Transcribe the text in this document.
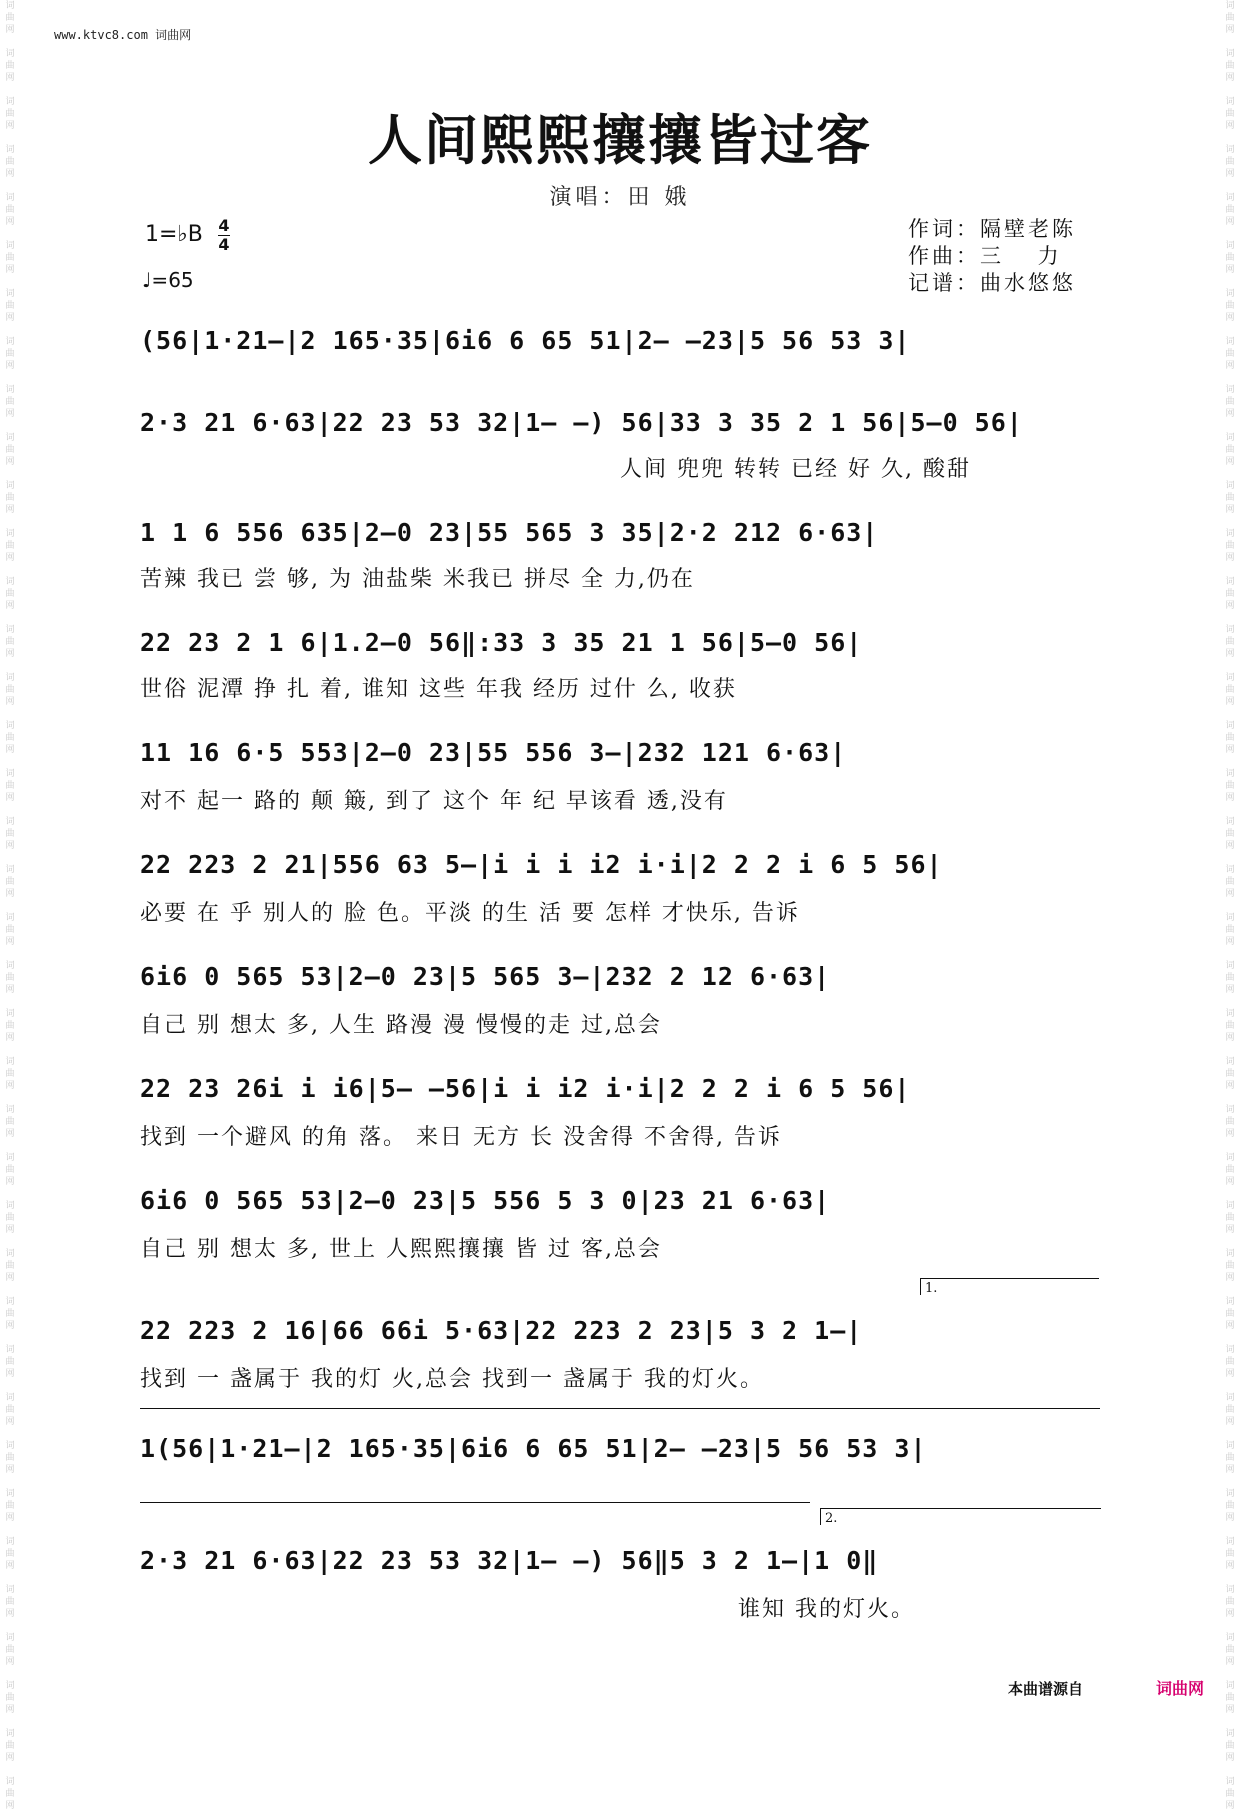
词
曲
网

词
曲
网

词
曲
网

词
曲
网

词
曲
网

词
曲
网

词
曲
网

词
曲
网

词
曲
网

词
曲
网

词
曲
网

词
曲
网

词
曲
网

词
曲
网

词
曲
网

词
曲
网

词
曲
网

词
曲
网

词
曲
网

词
曲
网

词
曲
网

词
曲
网

词
曲
网

词
曲
网

词
曲
网

词
曲
网

词
曲
网

词
曲
网

词
曲
网

词
曲
网

词
曲
网

词
曲
网

词
曲
网

词
曲
网

词
曲
网

词
曲
网

词
曲
网

词
曲
网
词
曲
网

词
曲
网

词
曲
网

词
曲
网

词
曲
网

词
曲
网

词
曲
网

词
曲
网

词
曲
网

词
曲
网

词
曲
网

词
曲
网

词
曲
网

词
曲
网

词
曲
网

词
曲
网

词
曲
网

词
曲
网

词
曲
网

词
曲
网

词
曲
网

词
曲
网

词
曲
网

词
曲
网

词
曲
网

词
曲
网

词
曲
网

词
曲
网

词
曲
网

词
曲
网

词
曲
网

词
曲
网

词
曲
网

词
曲
网

词
曲
网

词
曲
网

词
曲
网

词
曲
网
www.ktvc8.com 词曲网
人间熙熙攘攘皆过客
演唱：田 娥
1=♭B 4
4
♩=65
作词：隔壁老陈
作曲：三　 力
记谱：曲水悠悠
(56|1·21–|2 165·35|6i6 6 65 51|2– –23|5 56 53 3|
2·3 21 6·63|22 23 53 32|1– –) 56|33 3 35 2 1 56|5–0 56|
人间 兜兜 转转 已经 好 久, 酸甜
1 1 6 556 635|2–0 23|55 565 3 35|2·2 212 6·63|
苦辣 我已 尝 够, 为 油盐柴 米我已 拼尽 全 力,仍在
22 23 2 1 6|1.2–0 56‖:33 3 35 21 1 56|5–0 56|
世俗 泥潭 挣 扎 着, 谁知 这些 年我 经历 过什 么, 收获
11 16 6·5 553|2–0 23|55 556 3–|232 121 6·63|
对不 起一 路的 颠 簸, 到了 这个 年 纪 早该看 透,没有
22 223 2 21|556 63 5–|i i i i2 i·i|2 2 2 i 6 5 56|
必要 在 乎 别人的 脸 色。平淡 的生 活 要 怎样 才快乐, 告诉
6i6 0 565 53|2–0 23|5 565 3–|232 2 12 6·63|
自己 别 想太 多, 人生 路漫 漫 慢慢的走 过,总会
22 23 26i i i6|5– –56|i i i2 i·i|2 2 2 i 6 5 56|
找到 一个避风 的角 落。 来日 无方 长 没舍得 不舍得, 告诉
6i6 0 565 53|2–0 23|5 556 5 3 0|23 21 6·63|
自己 别 想太 多, 世上 人熙熙攘攘 皆 过 客,总会
1.
22 223 2 16|66 66i 5·63|22 223 2 23|5 3 2 1–|
找到 一 盏属于 我的灯 火,总会 找到一 盏属于 我的灯火。
1(56|1·21–|2 165·35|6i6 6 65 51|2– –23|5 56 53 3|
2.
2·3 21 6·63|22 23 53 32|1– –) 56‖5 3 2 1–|1 0‖
谁知 我的灯火。
本曲谱源自	词曲网
